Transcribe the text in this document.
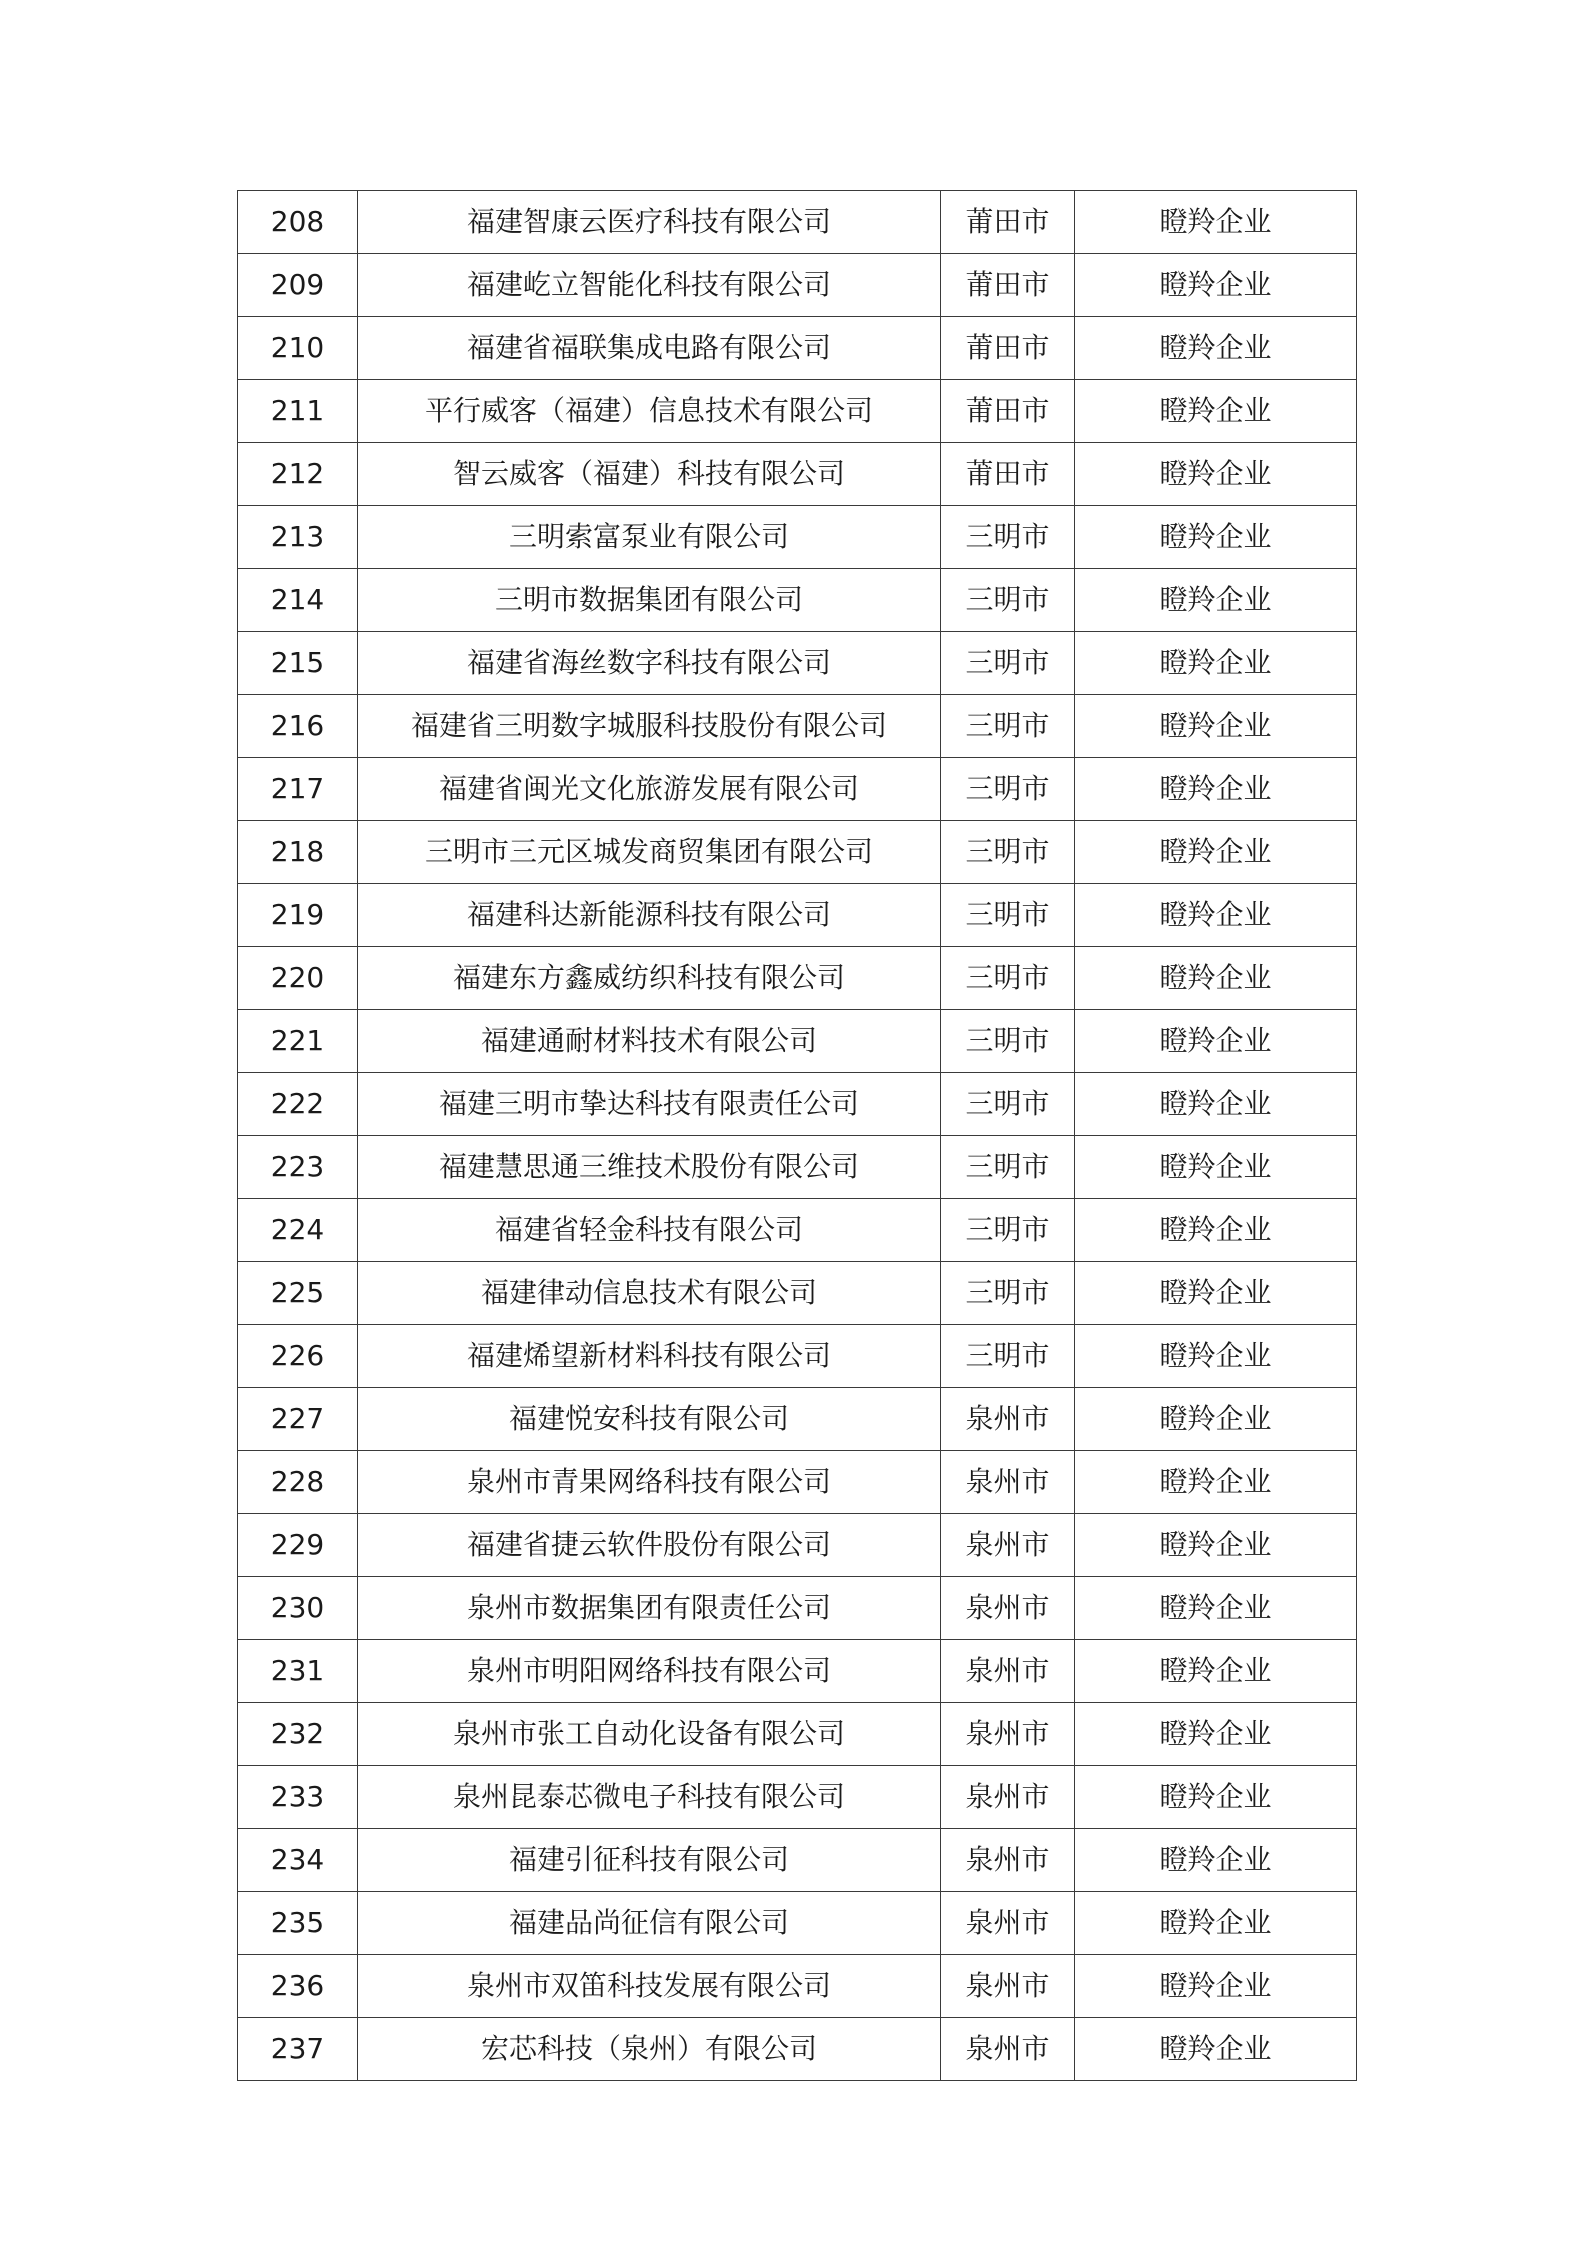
208	福建智康云医疗科技有限公司	莆田市	瞪羚企业
209	福建屹立智能化科技有限公司	莆田市	瞪羚企业
210	福建省福联集成电路有限公司	莆田市	瞪羚企业
211	平行威客（福建）信息技术有限公司	莆田市	瞪羚企业
212	智云威客（福建）科技有限公司	莆田市	瞪羚企业
213	三明索富泵业有限公司	三明市	瞪羚企业
214	三明市数据集团有限公司	三明市	瞪羚企业
215	福建省海丝数字科技有限公司	三明市	瞪羚企业
216	福建省三明数字城服科技股份有限公司	三明市	瞪羚企业
217	福建省闽光文化旅游发展有限公司	三明市	瞪羚企业
218	三明市三元区城发商贸集团有限公司	三明市	瞪羚企业
219	福建科达新能源科技有限公司	三明市	瞪羚企业
220	福建东方鑫威纺织科技有限公司	三明市	瞪羚企业
221	福建通耐材料技术有限公司	三明市	瞪羚企业
222	福建三明市挚达科技有限责任公司	三明市	瞪羚企业
223	福建慧思通三维技术股份有限公司	三明市	瞪羚企业
224	福建省轻金科技有限公司	三明市	瞪羚企业
225	福建律动信息技术有限公司	三明市	瞪羚企业
226	福建烯望新材料科技有限公司	三明市	瞪羚企业
227	福建悦安科技有限公司	泉州市	瞪羚企业
228	泉州市青果网络科技有限公司	泉州市	瞪羚企业
229	福建省捷云软件股份有限公司	泉州市	瞪羚企业
230	泉州市数据集团有限责任公司	泉州市	瞪羚企业
231	泉州市明阳网络科技有限公司	泉州市	瞪羚企业
232	泉州市张工自动化设备有限公司	泉州市	瞪羚企业
233	泉州昆泰芯微电子科技有限公司	泉州市	瞪羚企业
234	福建引征科技有限公司	泉州市	瞪羚企业
235	福建品尚征信有限公司	泉州市	瞪羚企业
236	泉州市双笛科技发展有限公司	泉州市	瞪羚企业
237	宏芯科技（泉州）有限公司	泉州市	瞪羚企业
